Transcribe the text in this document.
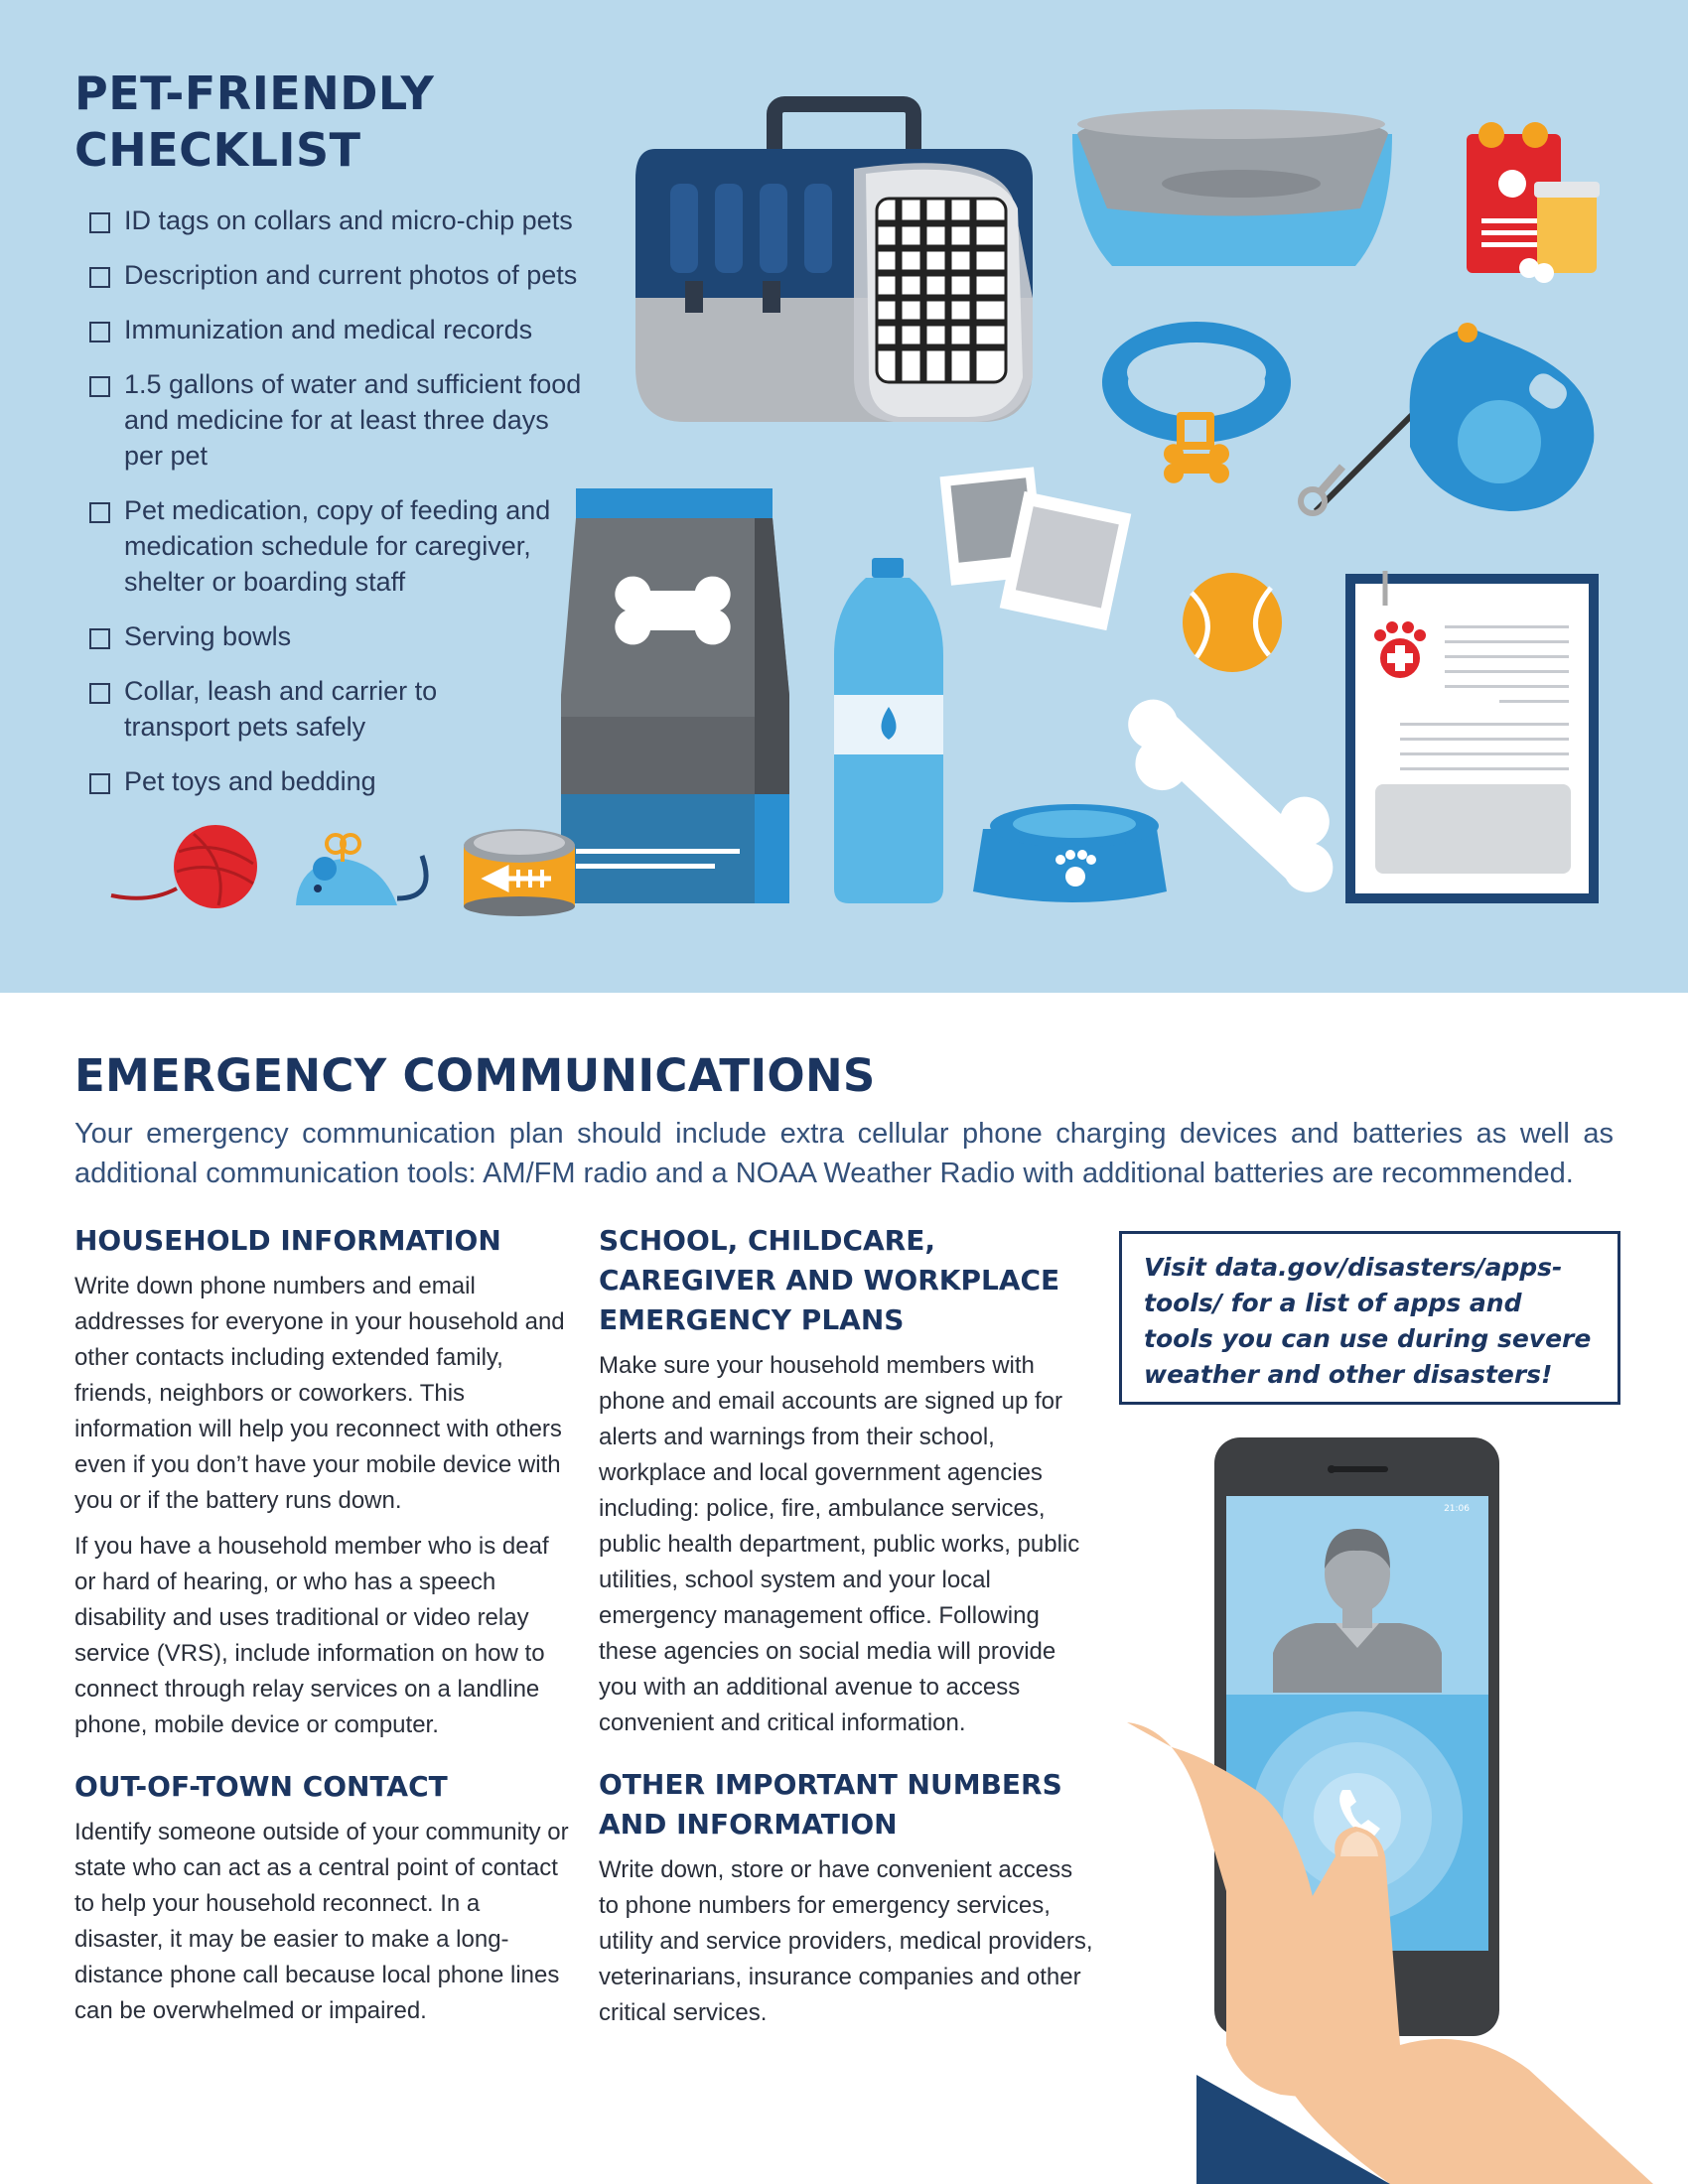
PET-FRIENDLY
CHECKLIST
ID tags on collars and micro-chip pets
Description and current photos of pets
Immunization and medical records
1.5 gallons of water and sufficient food and medicine for at least three days per pet
Pet medication, copy of feeding and medication schedule for caregiver, shelter or boarding staff
Serving bowls
Collar, leash and carrier to transport pets safely
Pet toys and bedding
21:06
EMERGENCY COMMUNICATIONS

Your emergency communication plan should include extra cellular phone charging devices and batteries as well as

additional communication tools: AM/FM radio and a NOAA Weather Radio with additional batteries are recommended.

HOUSEHOLD INFORMATION

Write down phone numbers and email addresses for everyone in your household and other contacts including extended family, friends, neighbors or coworkers. This information will help you reconnect with others even if you don’t have your mobile device with you or if the battery runs down.

If you have a household member who is deaf or hard of hearing, or who has a speech disability and uses traditional or video relay service (VRS), include information on how to connect through relay services on a landline phone, mobile device or computer.

OUT-OF-TOWN CONTACT

Identify someone outside of your community or state who can act as a central point of contact to help your household reconnect. In a disaster, it may be easier to make a long-distance phone call because local phone lines can be overwhelmed or impaired.

SCHOOL, CHILDCARE, CAREGIVER AND WORKPLACE EMERGENCY PLANS

Make sure your household members with phone and email accounts are signed up for alerts and warnings from their school, workplace and local government agencies including: police, fire, ambulance services, public health department, public works, public utilities, school system and your local emergency management office. Following these agencies on social media will provide you with an additional avenue to access convenient and critical information.

OTHER IMPORTANT NUMBERS AND INFORMATION

Write down, store or have convenient access to phone numbers for emergency services, utility and service providers, medical providers, veterinarians, insurance companies and other critical services.

Visit data.gov/disasters/apps-tools/ for a list of apps and tools you can use during severe weather and other disasters!
